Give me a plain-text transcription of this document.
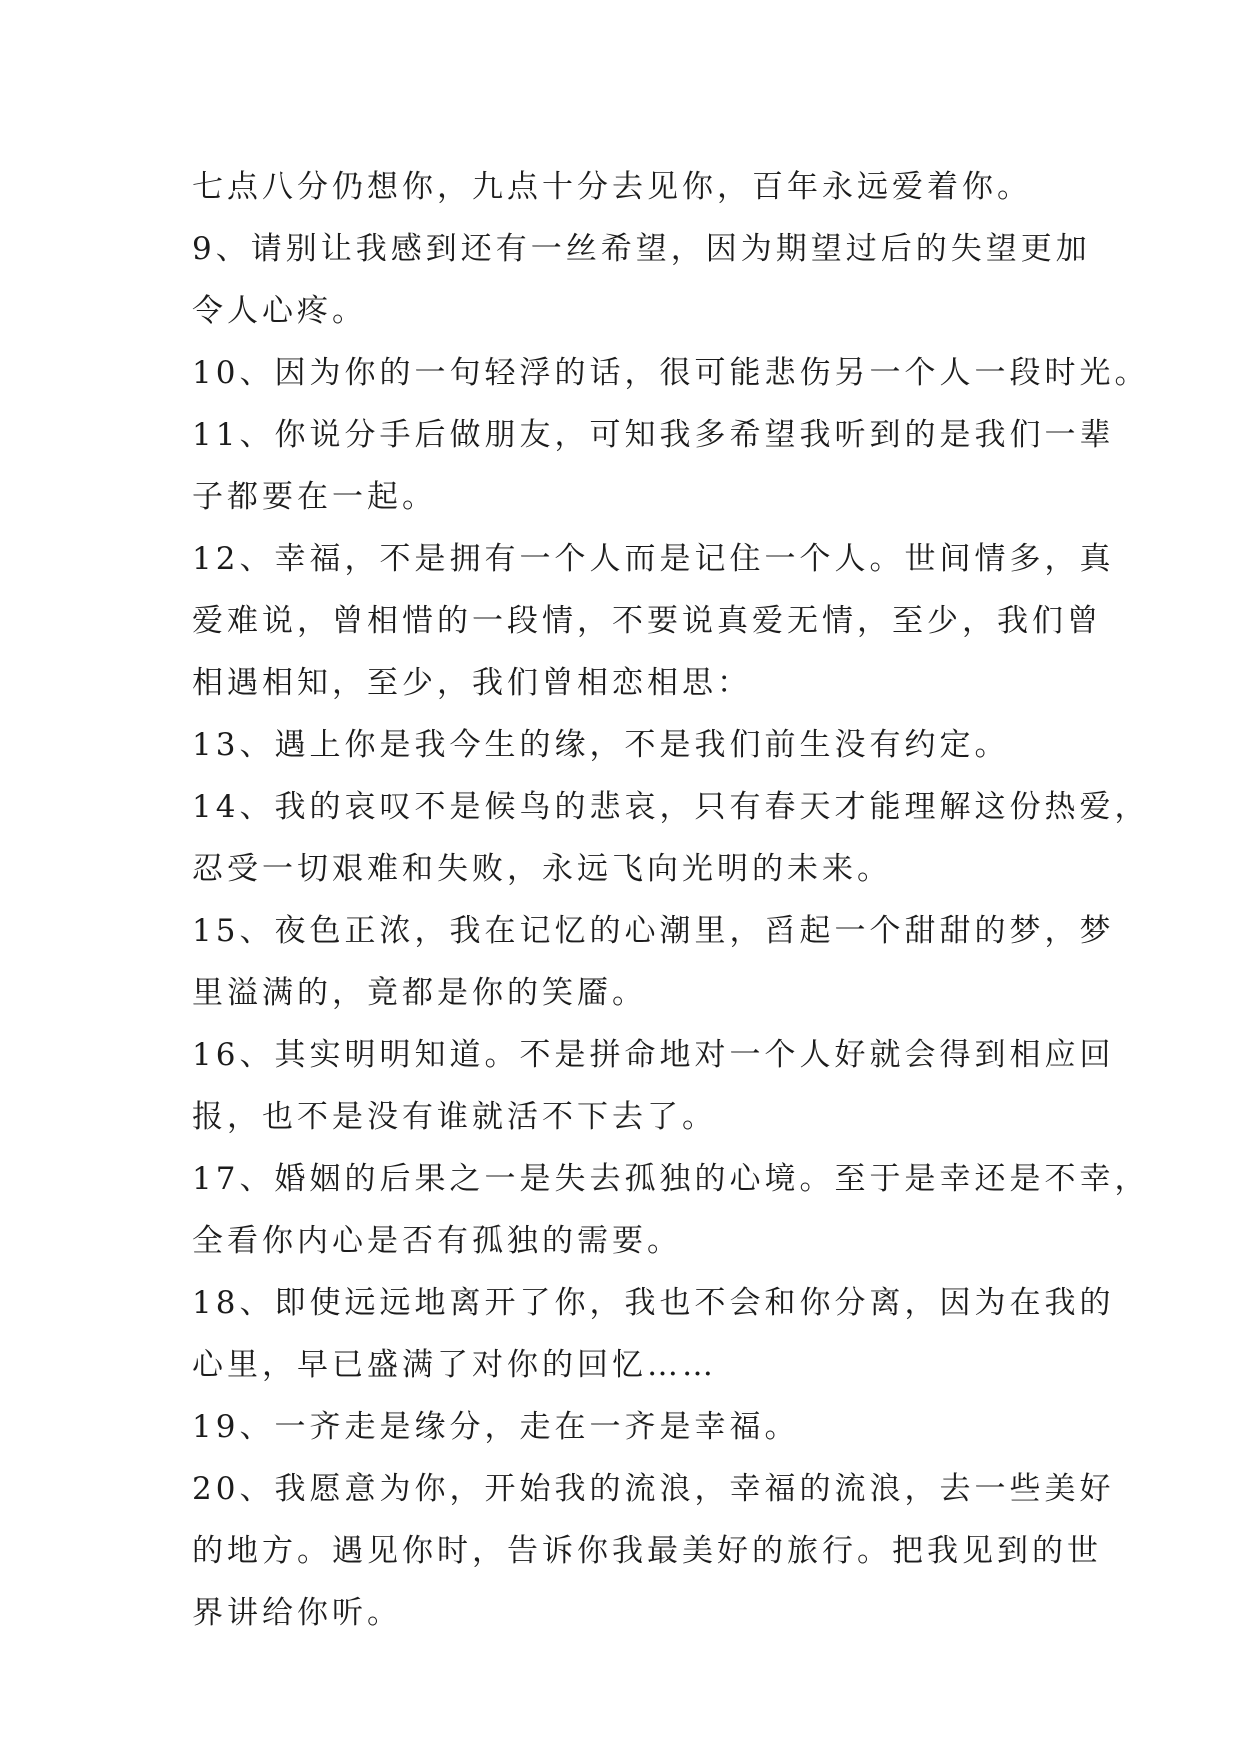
七点八分仍想你，九点十分去见你，百年永远爱着你。
9、请别让我感到还有一丝希望，因为期望过后的失望更加
令人心疼。
10、因为你的一句轻浮的话，很可能悲伤另一个人一段时光。
11、你说分手后做朋友，可知我多希望我听到的是我们一辈
子都要在一起。
12、幸福，不是拥有一个人而是记住一个人。世间情多，真
爱难说，曾相惜的一段情，不要说真爱无情，至少，我们曾
相遇相知，至少，我们曾相恋相思：
13、遇上你是我今生的缘，不是我们前生没有约定。
14、我的哀叹不是候鸟的悲哀，只有春天才能理解这份热爱，
忍受一切艰难和失败，永远飞向光明的未来。
15、夜色正浓，我在记忆的心潮里，舀起一个甜甜的梦，梦
里溢满的，竟都是你的笑靥。
16、其实明明知道。不是拼命地对一个人好就会得到相应回
报，也不是没有谁就活不下去了。
17、婚姻的后果之一是失去孤独的心境。至于是幸还是不幸，
全看你内心是否有孤独的需要。
18、即使远远地离开了你，我也不会和你分离，因为在我的
心里，早已盛满了对你的回忆……
19、一齐走是缘分，走在一齐是幸福。
20、我愿意为你，开始我的流浪，幸福的流浪，去一些美好
的地方。遇见你时，告诉你我最美好的旅行。把我见到的世
界讲给你听。
